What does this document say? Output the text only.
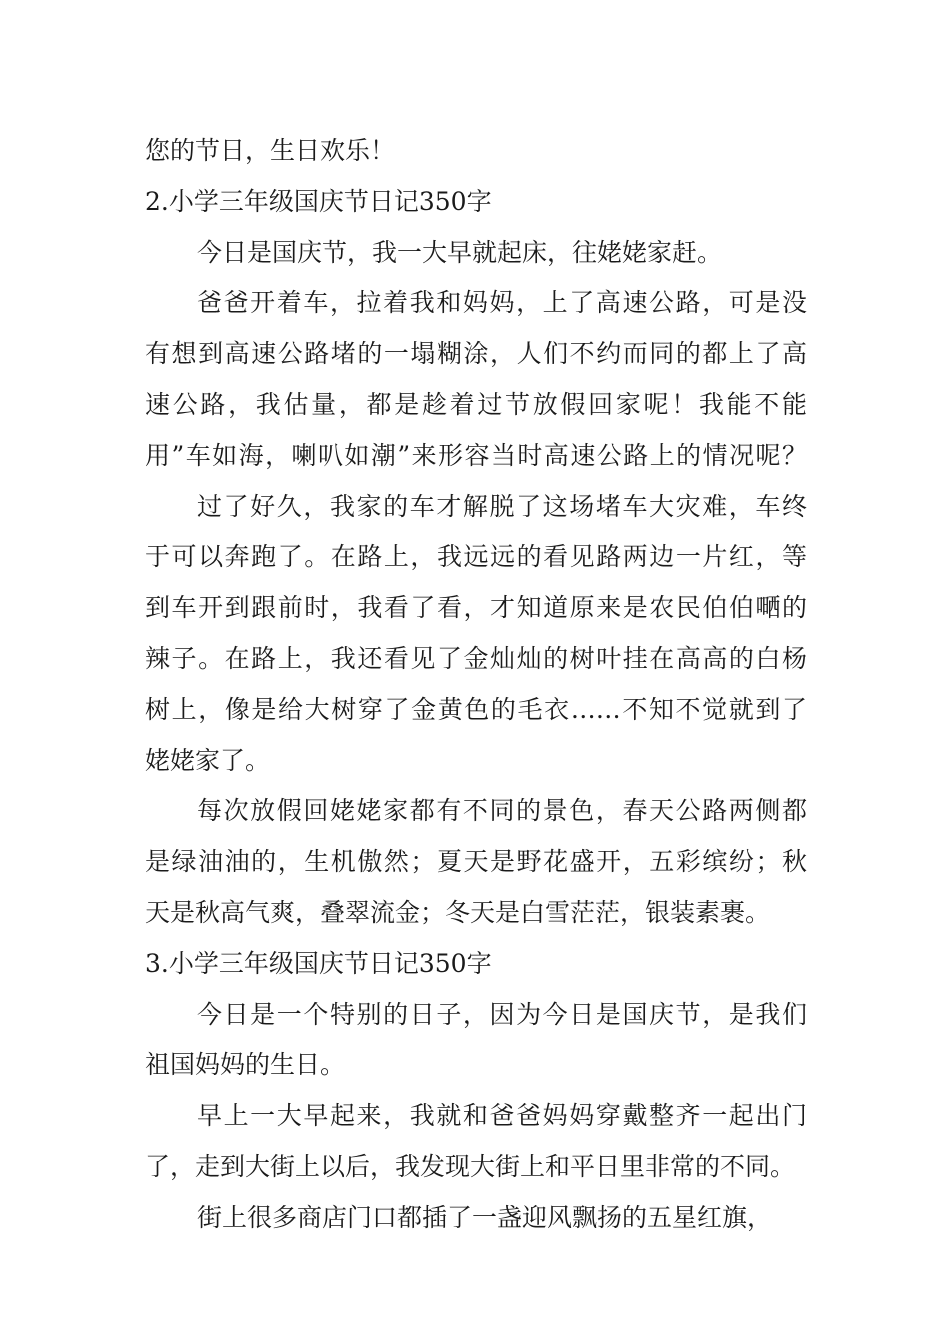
您的节日，生日欢乐！
2.小学三年级国庆节日记350字
今日是国庆节，我一大早就起床，往姥姥家赶。
爸爸开着车，拉着我和妈妈，上了高速公路，可是没
有想到高速公路堵的一塌糊涂，人们不约而同的都上了高
速公路，我估量，都是趁着过节放假回家呢！我能不能
用”车如海，喇叭如潮”来形容当时高速公路上的情况呢？
过了好久，我家的车才解脱了这场堵车大灾难，车终
于可以奔跑了。在路上，我远远的看见路两边一片红，等
到车开到跟前时，我看了看，才知道原来是农民伯伯嗮的
辣子。在路上，我还看见了金灿灿的树叶挂在高高的白杨
树上，像是给大树穿了金黄色的毛衣……不知不觉就到了
姥姥家了。
每次放假回姥姥家都有不同的景色，春天公路两侧都
是绿油油的，生机傲然；夏天是野花盛开，五彩缤纷；秋
天是秋高气爽，叠翠流金；冬天是白雪茫茫，银装素裹。
3.小学三年级国庆节日记350字
今日是一个特别的日子，因为今日是国庆节，是我们
祖国妈妈的生日。
早上一大早起来，我就和爸爸妈妈穿戴整齐一起出门
了，走到大街上以后，我发现大街上和平日里非常的不同。
街上很多商店门口都插了一盏迎风飘扬的五星红旗，
